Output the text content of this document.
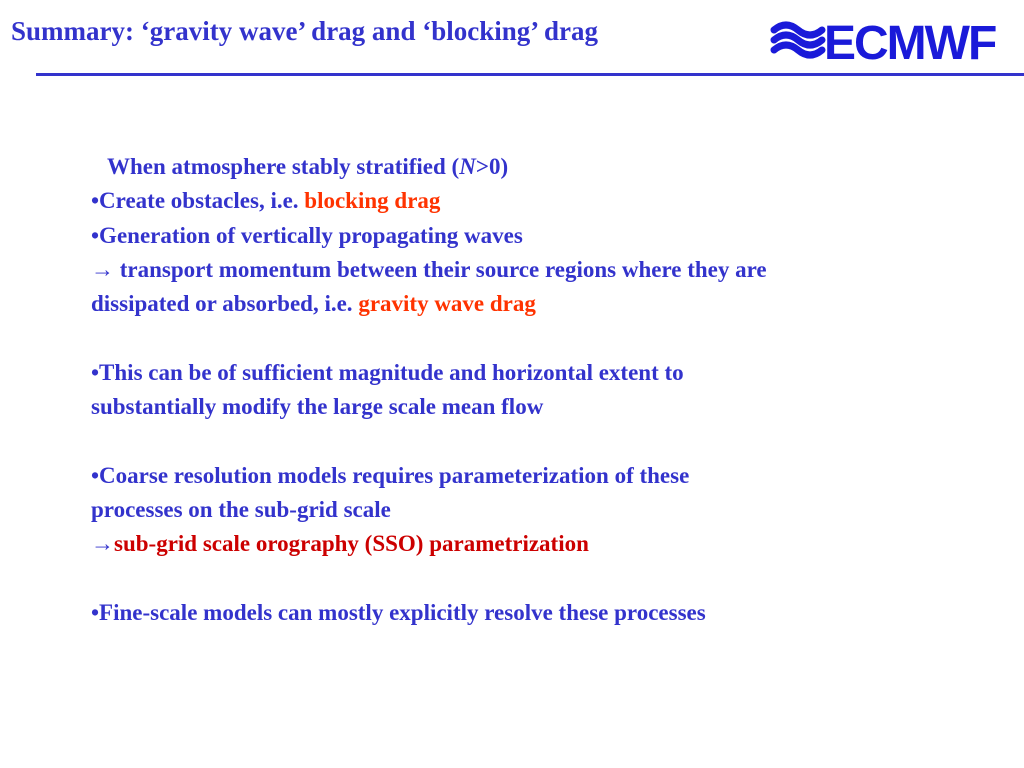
Summary: ‘gravity wave’ drag and ‘blocking’ drag	ECMWF
When atmosphere stably stratified (N>0)
•Create obstacles, i.e. blocking drag
•Generation of vertically propagating waves
→ transport momentum between their source regions where they are
dissipated or absorbed, i.e. gravity wave drag
•This can be of sufficient magnitude and horizontal extent to
substantially modify the large scale mean flow
•Coarse resolution models requires parameterization of these
processes on the sub-grid scale
→sub-grid scale orography (SSO) parametrization
•Fine-scale models can mostly explicitly resolve these processes
